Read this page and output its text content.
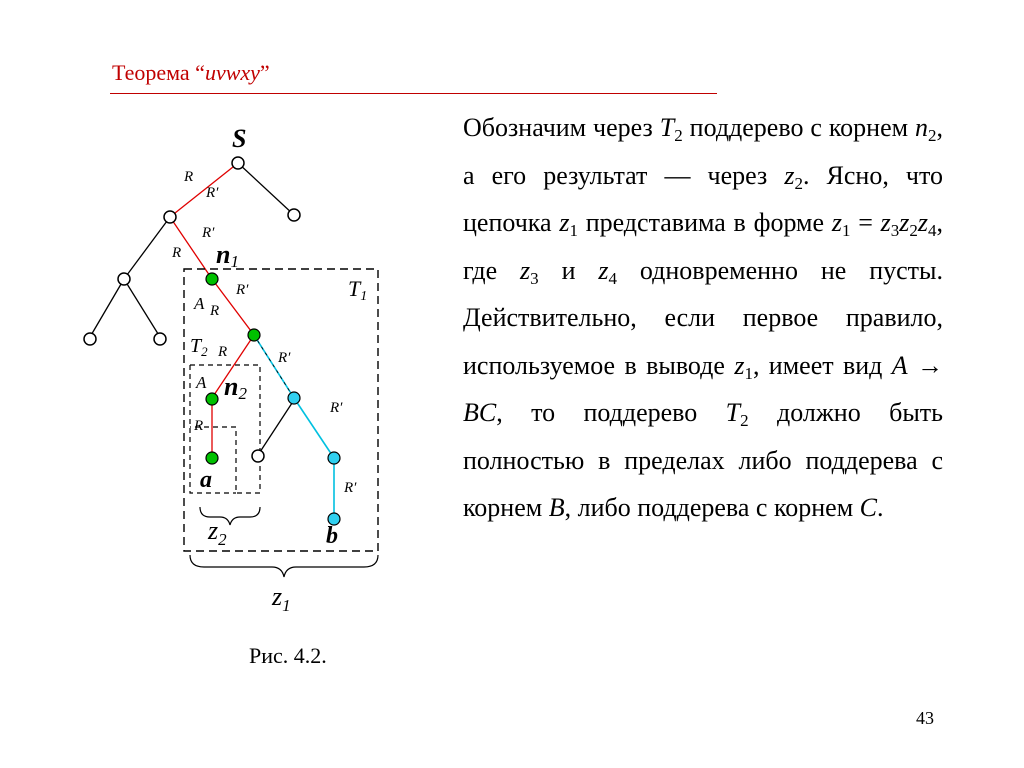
Теорема “uvwxy”
S
R
R′
R′
R n1
T1
R′
A R
$T_2$ R	R′
A n2
R′
R
R′
a
b
$z_2$
$z_1$
Рис. 4.2.
Обозначим через $T_2$ поддерево с корнем $n_2$, а его результат — через $z_2$. Ясно, что цепочка $z_1$ представима в форме $z_1 = z_3z_2z_4$, где $z_3$ и $z_4$ одновременно не пусты. Действительно, если первое правило, используемое в выводе $z_1$, имеет вид A → BC, то поддерево $T_2$ должно быть полностью в пределах либо поддерева с корнем B, либо поддерева с корнем C.
43
